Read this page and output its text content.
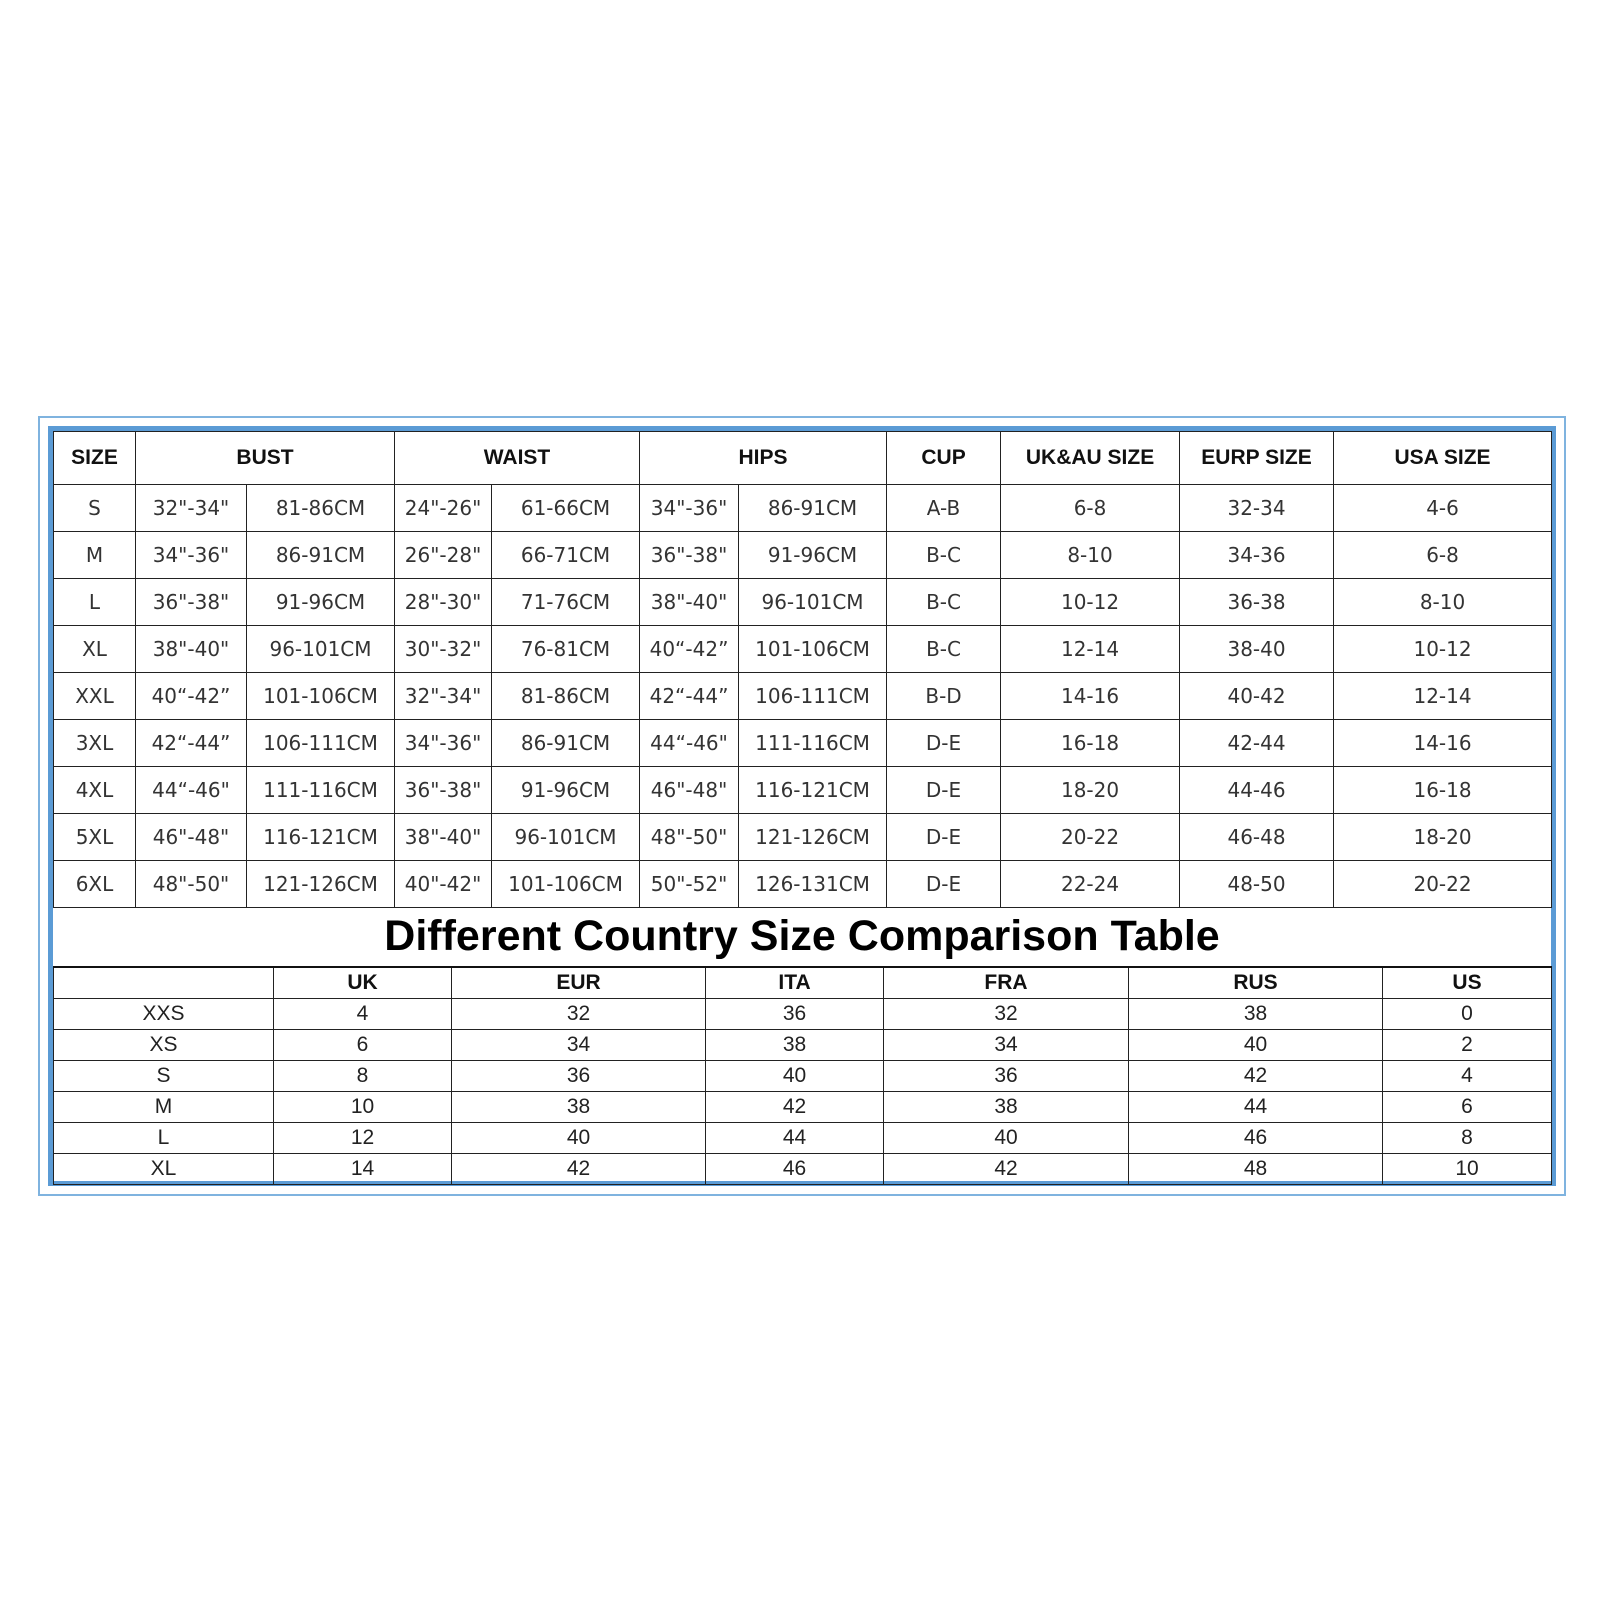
SIZE	BUST		WAIST		HIPS		CUP	UK&AU SIZE	EURP SIZE	USA SIZE
S	32"-34"	81-86CM	24"-26"	61-66CM	34"-36"	86-91CM	A-B	6-8	32-34	4-6
M	34"-36"	86-91CM	26"-28"	66-71CM	36"-38"	91-96CM	B-C	8-10	34-36	6-8
L	36"-38"	91-96CM	28"-30"	71-76CM	38"-40"	96-101CM	B-C	10-12	36-38	8-10
XL	38"-40"	96-101CM	30"-32"	76-81CM	40“-42”	101-106CM	B-C	12-14	38-40	10-12
XXL	40“-42”	101-106CM	32"-34"	81-86CM	42“-44”	106-111CM	B-D	14-16	40-42	12-14
3XL	42“-44”	106-111CM	34"-36"	86-91CM	44“-46"	111-116CM	D-E	16-18	42-44	14-16
4XL	44“-46"	111-116CM	36"-38"	91-96CM	46"-48"	116-121CM	D-E	18-20	44-46	16-18
5XL	46"-48"	116-121CM	38"-40"	96-101CM	48"-50"	121-126CM	D-E	20-22	46-48	18-20
6XL	48"-50"	121-126CM	40"-42"	101-106CM	50"-52"	126-131CM	D-E	22-24	48-50	20-22
Different Country Size Comparison Table
	UK	EUR	ITA	FRA	RUS	US
XXS	4	32	36	32	38	0
XS	6	34	38	34	40	2
S	8	36	40	36	42	4
M	10	38	42	38	44	6
L	12	40	44	40	46	8
XL	14	42	46	42	48	10
